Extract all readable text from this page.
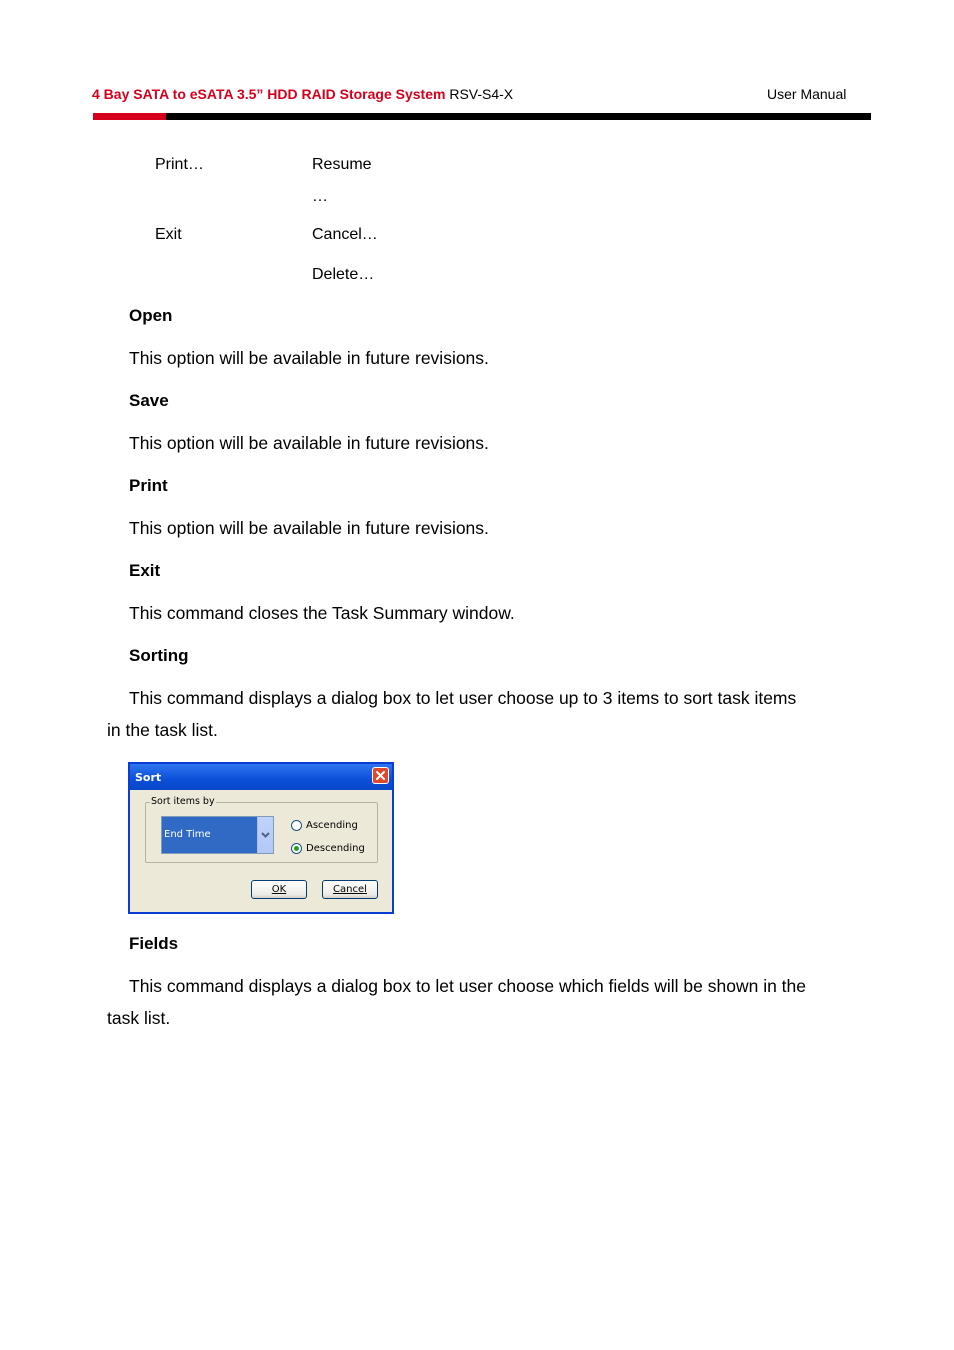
4 Bay SATA to eSATA 3.5” HDD RAID Storage System RSV-S4-X	User Manual
Print…
Exit
Resume
…
Cancel…
Delete…
Open
This option will be available in future revisions.
Save
This option will be available in future revisions.
Print
This option will be available in future revisions.
Exit
This command closes the Task Summary window.
Sorting
This command displays a dialog box to let user choose up to 3 items to sort task items
in the task list.
Sort
Sort items by
End Time
Ascending
Descending
OK	Cancel
Fields
This command displays a dialog box to let user choose which fields will be shown in the
task list.
